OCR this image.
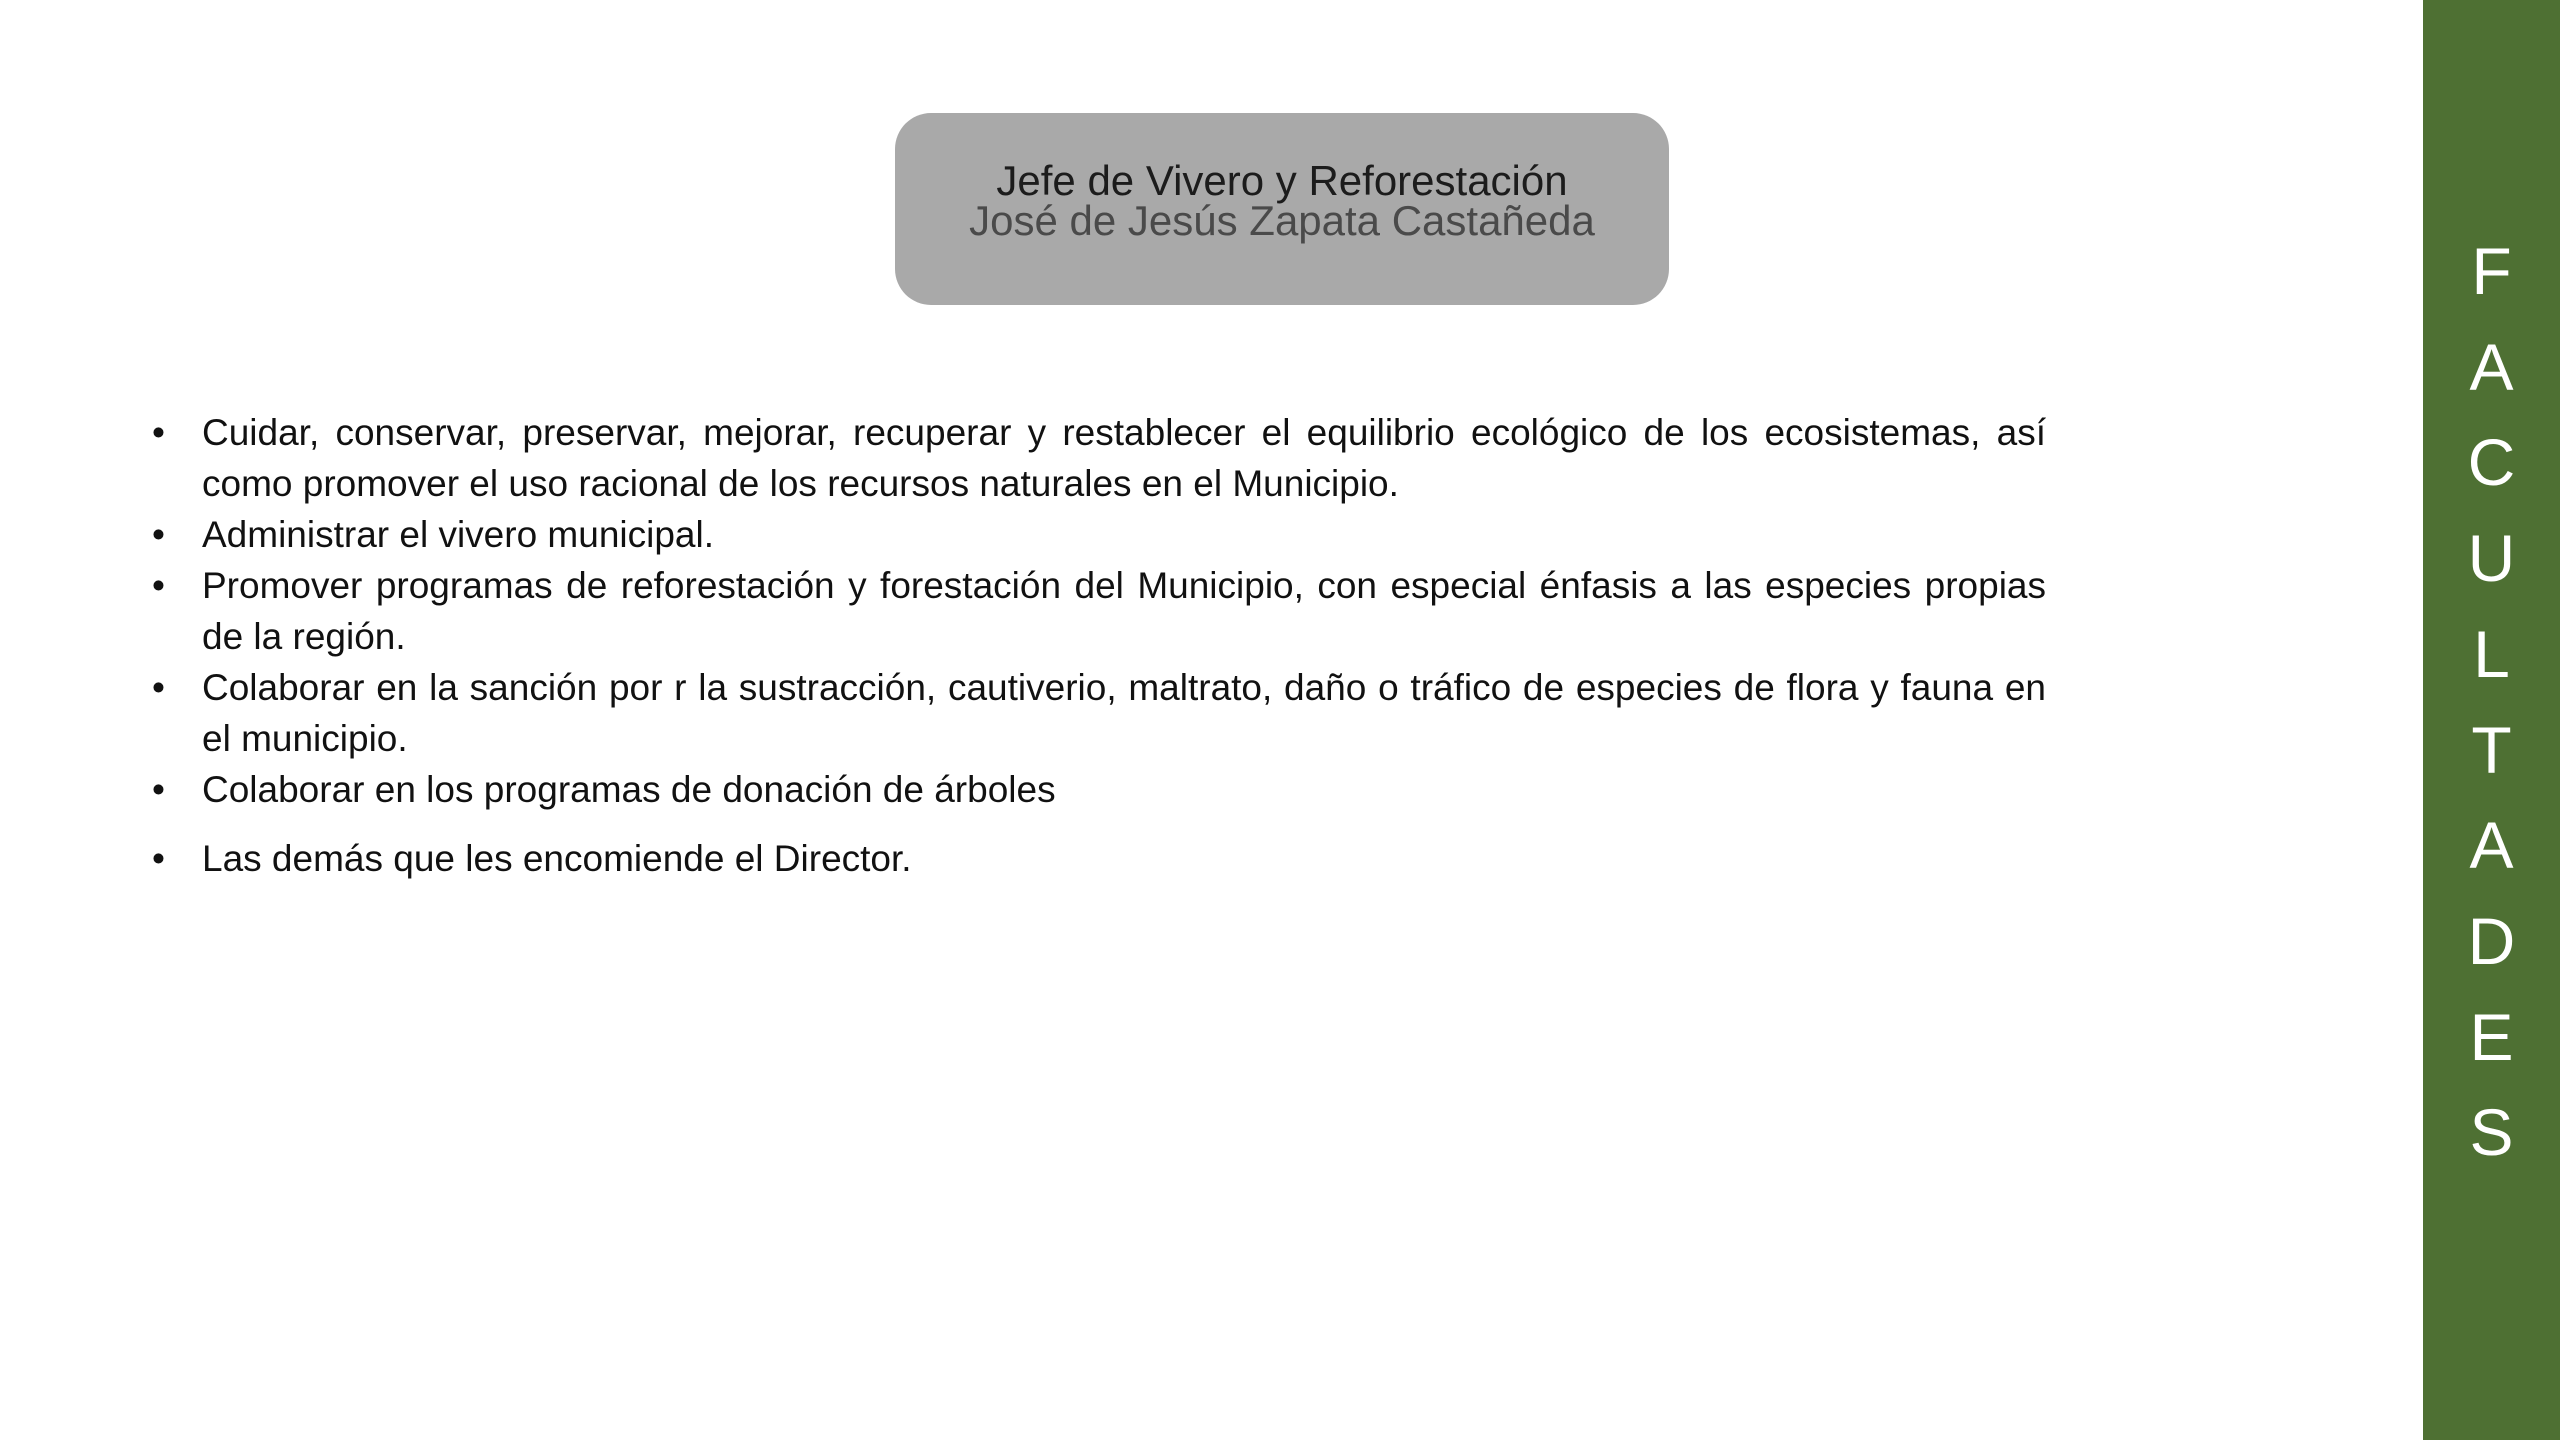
Jefe de Vivero y Reforestación
José de Jesús Zapata Castañeda
• Cuidar, conservar, preservar, mejorar, recuperar y restablecer el equilibrio ecológico de los ecosistemas, así como promover el uso racional de los recursos naturales en el Municipio.
• Administrar el vivero municipal.
• Promover programas de reforestación y forestación del Municipio, con especial énfasis a las especies propias de la región.
• Colaborar en la sanción por r la sustracción, cautiverio, maltrato, daño o tráfico de especies de flora y fauna en el municipio.
• Colaborar en los programas de donación de árboles
• Las demás que les encomiende el Director.
F
A
C
U
L
T
A
D
E
S
